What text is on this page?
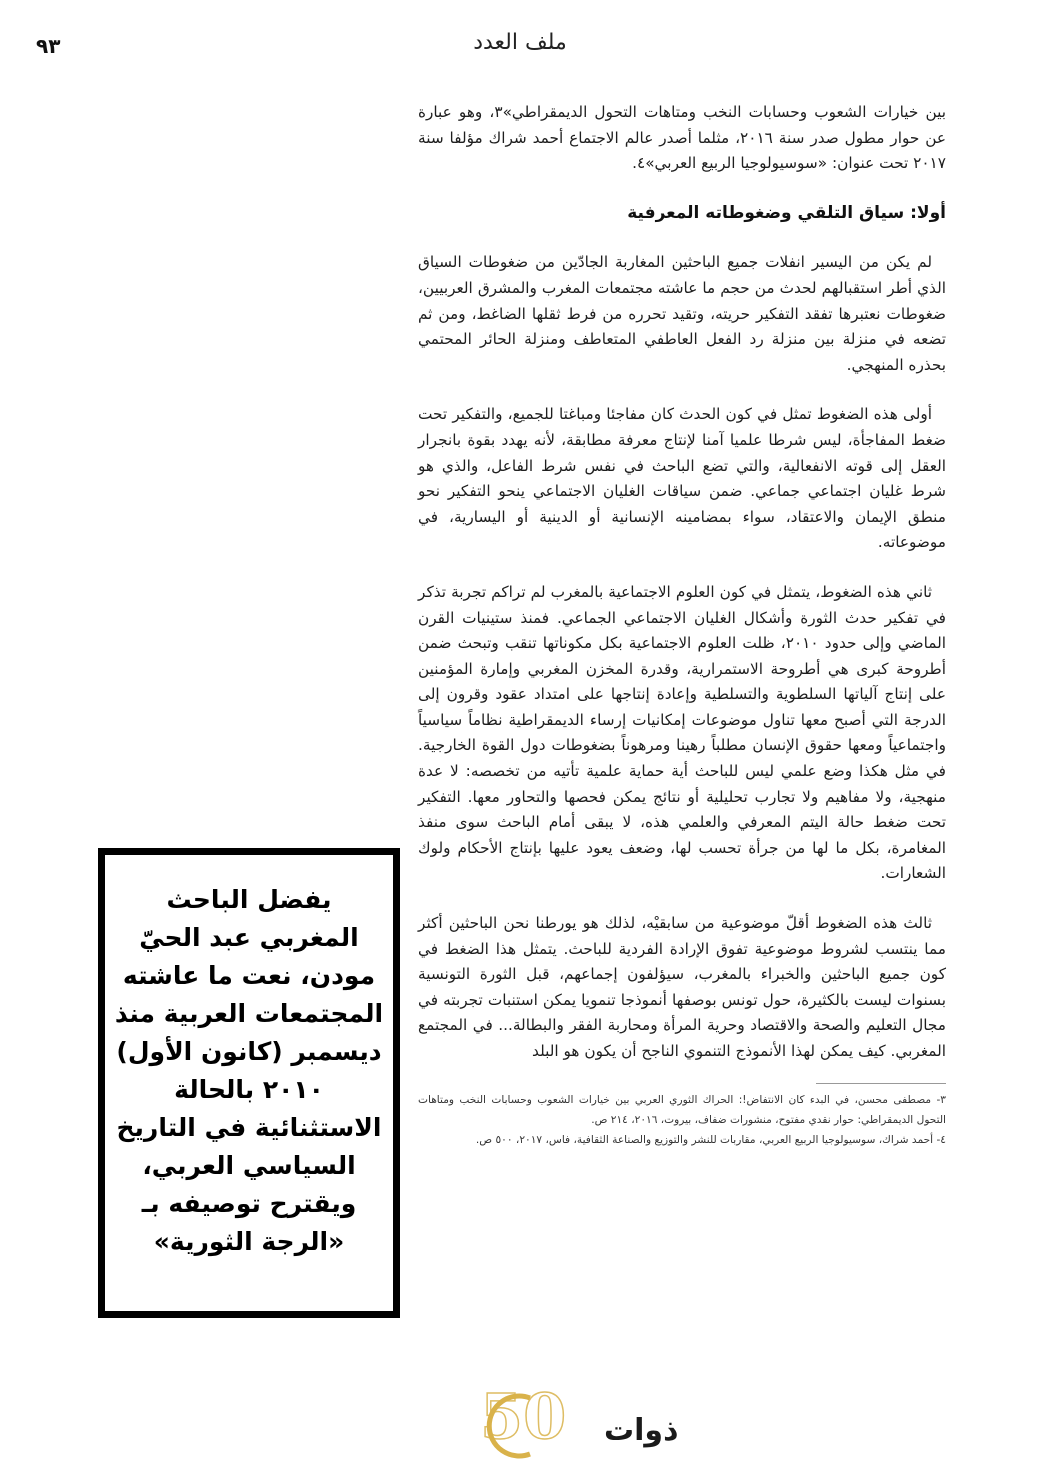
٩٣	ملف العدد

بين خيارات الشعوب وحسابات النخب ومتاهات التحول الديمقراطي»٣، وهو عبارة عن حوار مطول صدر سنة ٢٠١٦، مثلما أصدر عالم الاجتماع أحمد شراك مؤلفا سنة ٢٠١٧ تحت عنوان: «سوسيولوجيا الربيع العربي»٤.

أولا: سياق التلقي وضغوطاته المعرفية

لم يكن من اليسير انفلات جميع الباحثين المغاربة الجادّين من ضغوطات السياق الذي أطر استقبالهم لحدث من حجم ما عاشته مجتمعات المغرب والمشرق العربيين، ضغوطات نعتبرها تفقد التفكير حريته، وتقيد تحرره من فرط ثقلها الضاغط، ومن ثم تضعه في منزلة بين منزلة رد الفعل العاطفي المتعاطف ومنزلة الحائر المحتمي بحذره المنهجي.

أولى هذه الضغوط تمثل في كون الحدث كان مفاجئا ومباغتا للجميع، والتفكير تحت ضغط المفاجأة، ليس شرطا علميا آمنا لإنتاج معرفة مطابقة، لأنه يهدد بقوة بانجرار العقل إلى قوته الانفعالية، والتي تضع الباحث في نفس شرط الفاعل، والذي هو شرط غليان اجتماعي جماعي. ضمن سياقات الغليان الاجتماعي ينحو التفكير نحو منطق الإيمان والاعتقاد، سواء بمضامينه الإنسانية أو الدينية أو اليسارية، في موضوعاته.

ثاني هذه الضغوط، يتمثل في كون العلوم الاجتماعية بالمغرب لم تراكم تجربة تذكر في تفكير حدث الثورة وأشكال الغليان الاجتماعي الجماعي. فمنذ ستينيات القرن الماضي وإلى حدود ٢٠١٠، ظلت العلوم الاجتماعية بكل مكوناتها تنقب وتبحث ضمن أطروحة كبرى هي أطروحة الاستمرارية، وقدرة المخزن المغربي وإمارة المؤمنين على إنتاج آلياتها السلطوية والتسلطية وإعادة إنتاجها على امتداد عقود وقرون إلى الدرجة التي أصبح معها تناول موضوعات إمكانيات إرساء الديمقراطية نظاماً سياسياً واجتماعياً ومعها حقوق الإنسان مطلباً رهينا ومرهوناً بضغوطات دول القوة الخارجية. في مثل هكذا وضع علمي ليس للباحث أية حماية علمية تأتيه من تخصصه: لا عدة منهجية، ولا مفاهيم ولا تجارب تحليلية أو نتائج يمكن فحصها والتحاور معها. التفكير تحت ضغط حالة اليتم المعرفي والعلمي هذه، لا يبقى أمام الباحث سوى منفذ المغامرة، بكل ما لها من جرأة تحسب لها، وضعف يعود عليها بإنتاج الأحكام ولوك الشعارات.

ثالث هذه الضغوط أقلّ موضوعية من سابقيْه، لذلك هو يورطنا نحن الباحثين أكثر مما ينتسب لشروط موضوعية تفوق الإرادة الفردية للباحث. يتمثل هذا الضغط في كون جميع الباحثين والخبراء بالمغرب، سيؤلفون إجماعهم، قبل الثورة التونسية بسنوات ليست بالكثيرة، حول تونس بوصفها أنموذجا تنمويا يمكن استنبات تجربته في مجال التعليم والصحة والاقتصاد وحرية المرأة ومحاربة الفقر والبطالة... في المجتمع المغربي. كيف يمكن لهذا الأنموذج التنموي الناجح أن يكون هو البلد

٣- مصطفى محسن، في البدء كان الانتفاض!: الحراك الثوري العربي بين خيارات الشعوب وحسابات النخب ومتاهات التحول الديمقراطي: حوار نقدي مفتوح، منشورات ضفاف، بيروت، ٢٠١٦، ٢١٤ ص.
٤- أحمد شراك، سوسيولوجيا الربيع العربي، مقاربات للنشر والتوزيع والصناعة الثقافية، فاس، ٢٠١٧، ٥٠٠ ص.
يفضل الباحث المغربي عبد الحيّ مودن، نعت ما عاشته المجتمعات العربية منذ ديسمبر (كانون الأول) ٢٠١٠ بالحالة الاستثنائية في التاريخ السياسي العربي، ويقترح توصيفه بـ «الرجة الثورية»
50 ذوات
